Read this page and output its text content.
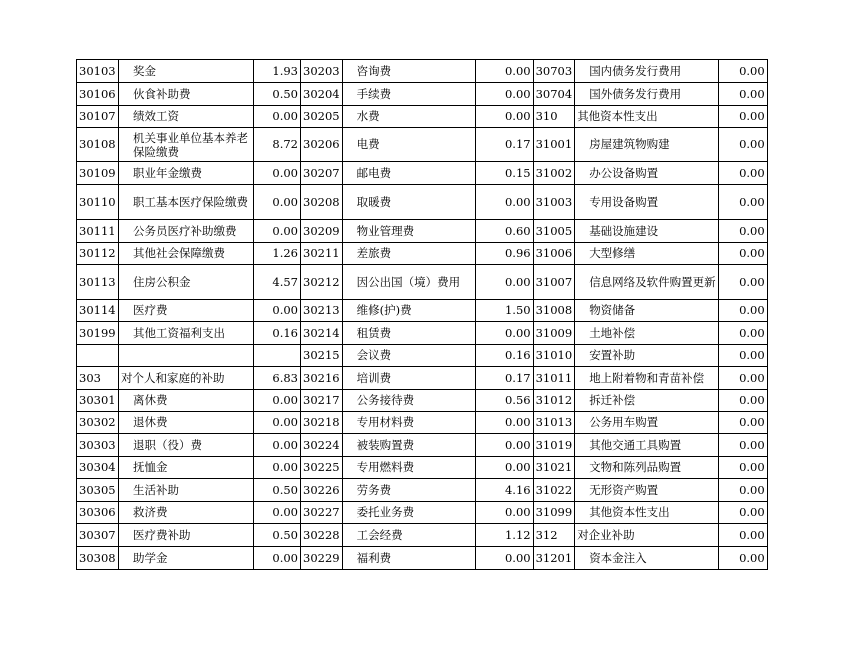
30103	奖金	1.93	30203	咨询费	0.00	30703	国内债务发行费用	0.00
30106	伙食补助费	0.50	30204	手续费	0.00	30704	国外债务发行费用	0.00
30107	绩效工资	0.00	30205	水费	0.00	310	其他资本性支出	0.00
30108	机关事业单位基本养老保险缴费	8.72	30206	电费	0.17	31001	房屋建筑物购建	0.00
30109	职业年金缴费	0.00	30207	邮电费	0.15	31002	办公设备购置	0.00
30110	职工基本医疗保险缴费	0.00	30208	取暖费	0.00	31003	专用设备购置	0.00
30111	公务员医疗补助缴费	0.00	30209	物业管理费	0.60	31005	基础设施建设	0.00
30112	其他社会保障缴费	1.26	30211	差旅费	0.96	31006	大型修缮	0.00
30113	住房公积金	4.57	30212	因公出国（境）费用	0.00	31007	信息网络及软件购置更新	0.00
30114	医疗费	0.00	30213	维修(护)费	1.50	31008	物资储备	0.00
30199	其他工资福利支出	0.16	30214	租赁费	0.00	31009	土地补偿	0.00
			30215	会议费	0.16	31010	安置补助	0.00
303	对个人和家庭的补助	6.83	30216	培训费	0.17	31011	地上附着物和青苗补偿	0.00
30301	离休费	0.00	30217	公务接待费	0.56	31012	拆迁补偿	0.00
30302	退休费	0.00	30218	专用材料费	0.00	31013	公务用车购置	0.00
30303	退职（役）费	0.00	30224	被装购置费	0.00	31019	其他交通工具购置	0.00
30304	抚恤金	0.00	30225	专用燃料费	0.00	31021	文物和陈列品购置	0.00
30305	生活补助	0.50	30226	劳务费	4.16	31022	无形资产购置	0.00
30306	救济费	0.00	30227	委托业务费	0.00	31099	其他资本性支出	0.00
30307	医疗费补助	0.50	30228	工会经费	1.12	312	对企业补助	0.00
30308	助学金	0.00	30229	福利费	0.00	31201	资本金注入	0.00
